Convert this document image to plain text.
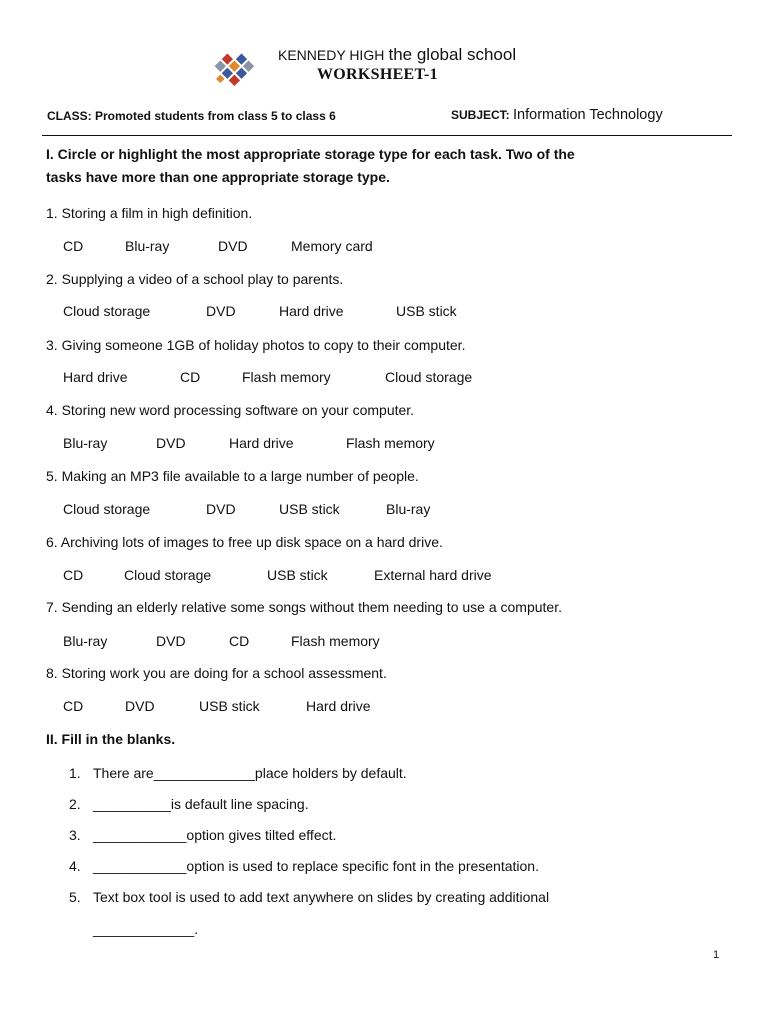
KENNEDY HIGH the global school
WORKSHEET-1
CLASS: Promoted students from class 5 to class 6	SUBJECT: Information Technology
I. Circle or highlight the most appropriate storage type for each task. Two of the
tasks have more than one appropriate storage type.
1. Storing a film in high definition.
CD	Blu-ray	DVD	Memory card
2. Supplying a video of a school play to parents.
Cloud storage	DVD	Hard drive	USB stick
3. Giving someone 1GB of holiday photos to copy to their computer.
Hard drive	CD	Flash memory	Cloud storage
4. Storing new word processing software on your computer.
Blu-ray	DVD	Hard drive	Flash memory
5. Making an MP3 file available to a large number of people.
Cloud storage	DVD	USB stick	Blu-ray
6. Archiving lots of images to free up disk space on a hard drive.
CD	Cloud storage	USB stick	External hard drive
7. Sending an elderly relative some songs without them needing to use a computer.
Blu-ray	DVD	CD	Flash memory
8. Storing work you are doing for a school assessment.
CD	DVD	USB stick	Hard drive
II. Fill in the blanks.
1. There are_____________place holders by default.
2. __________is default line spacing.
3. ____________option gives tilted effect.
4. ____________option is used to replace specific font in the presentation.
5. Text box tool is used to add text anywhere on slides by creating additional
_____________.
1
